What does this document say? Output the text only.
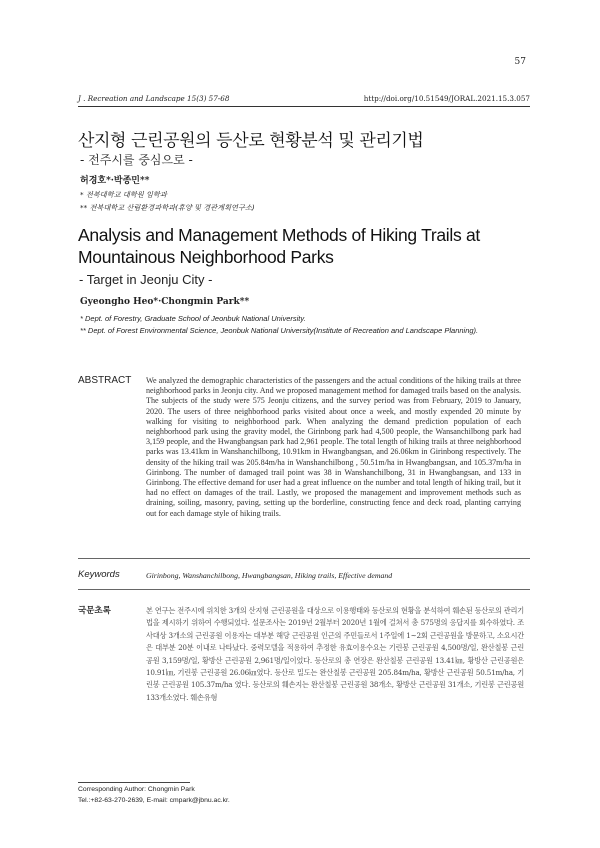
57
J . Recreation and Landscape 15(3) 57-68	http://doi.org/10.51549/JORAL.2021.15.3.057
산지형 근린공원의 등산로 현황분석 및 관리기법
- 전주시를 중심으로 -
허경호*·박종민**
* 전북대학교 대학원 임학과
** 전북대학교 산림환경과학과(휴양 및 경관계획연구소)
Analysis and Management Methods of Hiking Trails at Mountainous Neighborhood Parks
- Target in Jeonju City -
Gyeongho Heo*·Chongmin Park**
* Dept. of Forestry, Graduate School of Jeonbuk National University.
** Dept. of Forest Environmental Science, Jeonbuk National University(Institute of Recreation and Landscape Planning).
ABSTRACT We analyzed the demographic characteristics of the passengers and the actual conditions of the hiking trails at three neighborhood parks in Jeonju city. And we proposed management method for damaged trails based on the analysis. The subjects of the study were 575 Jeonju citizens, and the survey period was from February, 2019 to January, 2020. The users of three neighborhood parks visited about once a week, and mostly expended 20 minute by walking for visiting to neighborhood park. When analyzing the demand prediction population of each neighborhood park using the gravity model, the Girinbong park had 4,500 people, the Wansanchilbong park had 3,159 people, and the Hwangbangsan park had 2,961 people. The total length of hiking trails at three neighborhood parks was 13.41km in Wanshanchilbong, 10.91km in Hwangbangsan, and 26.06km in Girinbong respectively. The density of the hiking trail was 205.84m/ha in Wanshanchilbong , 50.51m/ha in Hwangbangsan, and 105.37m/ha in Girinbong. The number of damaged trail point was 38 in Wanshanchilbong, 31 in Hwangbangsan, and 133 in Girinbong. The effective demand for user had a great influence on the number and total length of hiking trail, but it had no effect on damages of the trail. Lastly, we proposed the management and improvement methods such as draining, soiling, masonry, paving, setting up the borderline, constructing fence and deck road, planting carrying out for each damage style of hiking trails.
Keywords	Girinbong, Wanshanchilbong, Hwangbangsan, Hiking trails, Effective demand
국문초록	본 연구는 전주시에 위치한 3개의 산지형 근린공원을 대상으로 이용행태와 등산로의 현황을 분석하여 훼손된 등산로의 관리기법을 제시하기 위하여 수행되었다. 설문조사는 2019년 2월부터 2020년 1월에 걸쳐서 총 575명의 응답지를 회수하였다. 조사대상 3개소의 근린공원 이용자는 대부분 해당 근린공원 인근의 주민들로서 1주일에 1~2회 근린공원을 방문하고, 소요시간은 대부분 20분 이내로 나타났다. 중력모델을 적용하여 추정한 유효이용수요는 기린봉 근린공원 4,500명/일, 완산칠봉 근린공원 3,159명/일, 황방산 근린공원 2,961명/일이었다. 등산로의 총 연장은 완산칠봉 근린공원 13.41㎞, 황방산 근린공원은 10.91㎞, 기린봉 근린공원 26.06㎞였다. 등산로 밀도는 완산칠봉 근린공원 205.84m/ha, 황방산 근린공원 50.51m/ha, 기린봉 근린공원 105.37m/ha 였다. 등산로의 훼손지는 완산칠봉 근린공원 38개소, 황방산 근린공원 31개소, 기린봉 근린공원 133개소였다. 훼손유형
Corresponding Author: Chongmin Park
Tel.:+82-63-270-2639, E-mail: cmpark@jbnu.ac.kr.
